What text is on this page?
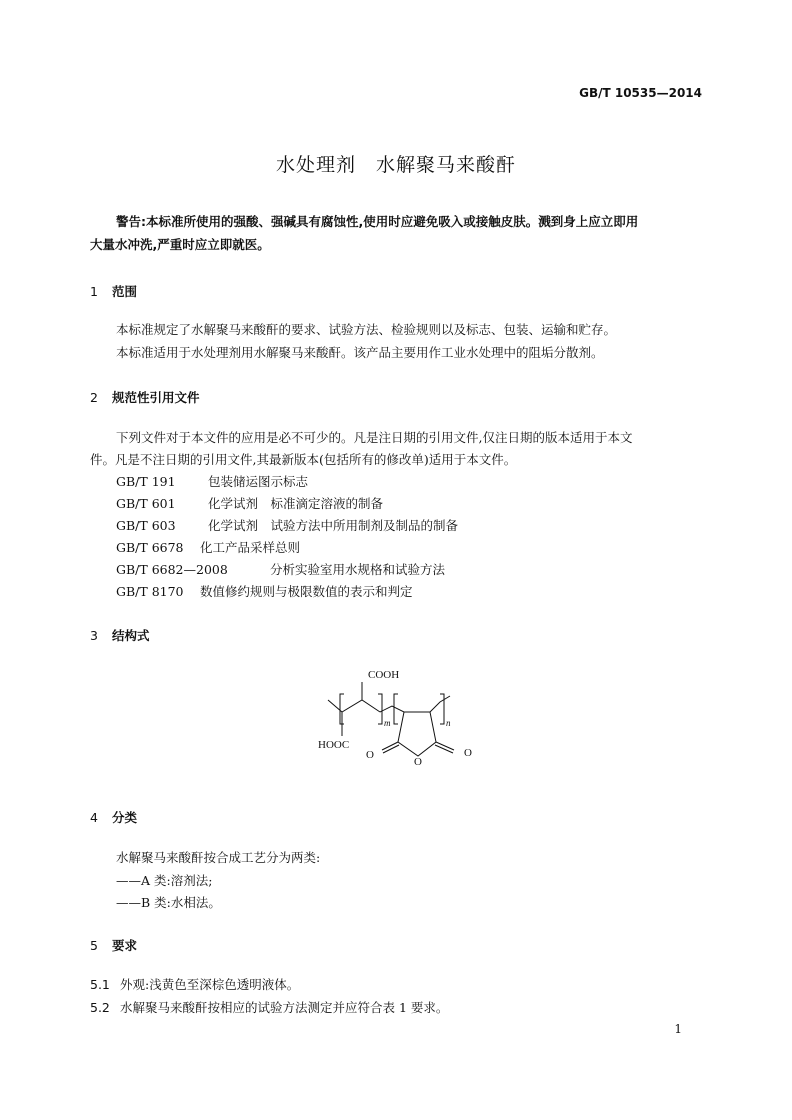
GB/T 10535—2014
水处理剂　水解聚马来酸酐
警告:本标准所使用的强酸、强碱具有腐蚀性,使用时应避免吸入或接触皮肤。溅到身上应立即用
大量水冲洗,严重时应立即就医。
1 范围
本标准规定了水解聚马来酸酐的要求、试验方法、检验规则以及标志、包装、运输和贮存。
本标准适用于水处理剂用水解聚马来酸酐。该产品主要用作工业水处理中的阻垢分散剂。
2 规范性引用文件
下列文件对于本文件的应用是必不可少的。凡是注日期的引用文件,仅注日期的版本适用于本文
件。凡是不注日期的引用文件,其最新版本(包括所有的修改单)适用于本文件。
GB/T 191	包装储运图示标志
GB/T 601	化学试剂　标准滴定溶液的制备
GB/T 603	化学试剂　试验方法中所用制剂及制品的制备
GB/T 6678 化工产品采样总则
GB/T 6682—2008	分析实验室用水规格和试验方法
GB/T 8170 数值修约规则与极限数值的表示和判定
3 结构式
COOH
HOOC
m	n
O
O
O
4 分类
水解聚马来酸酐按合成工艺分为两类:
——A 类:溶剂法;
——B 类:水相法。
5 要求
5.1 外观:浅黄色至深棕色透明液体。
5.2 水解聚马来酸酐按相应的试验方法测定并应符合表 1 要求。
1
